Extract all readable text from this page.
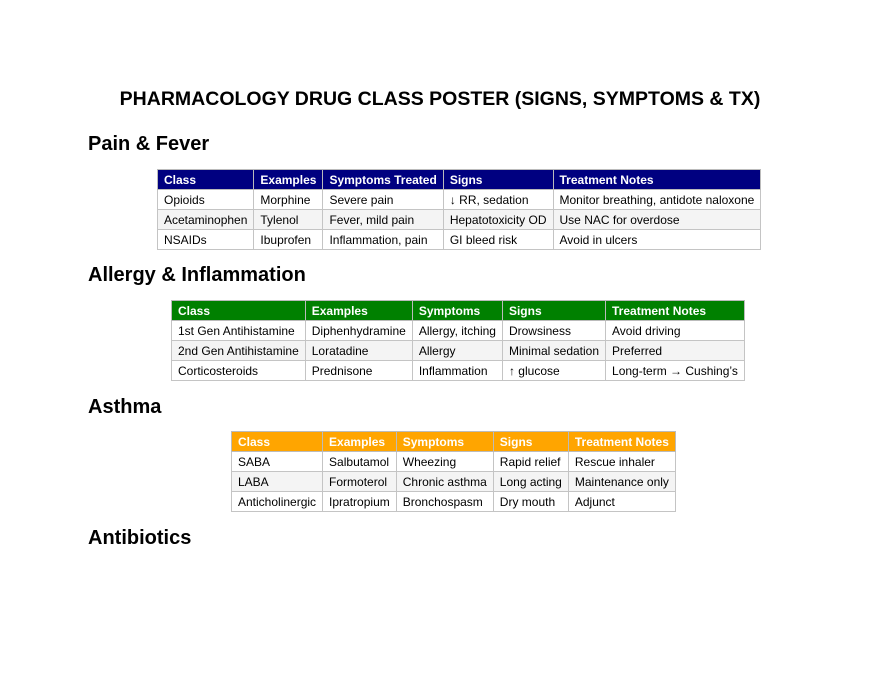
PHARMACOLOGY DRUG CLASS POSTER (SIGNS, SYMPTOMS & TX)
Pain & Fever
Class	Examples	Symptoms Treated	Signs	Treatment Notes
Opioids	Morphine	Severe pain	↓ RR, sedation	Monitor breathing, antidote naloxone
Acetaminophen	Tylenol	Fever, mild pain	Hepatotoxicity OD	Use NAC for overdose
NSAIDs	Ibuprofen	Inflammation, pain	GI bleed risk	Avoid in ulcers
Allergy & Inflammation
Class	Examples	Symptoms	Signs	Treatment Notes
1st Gen Antihistamine	Diphenhydramine	Allergy, itching	Drowsiness	Avoid driving
2nd Gen Antihistamine	Loratadine	Allergy	Minimal sedation	Preferred
Corticosteroids	Prednisone	Inflammation	↑ glucose	Long-term → Cushing’s
Asthma
Class	Examples	Symptoms	Signs	Treatment Notes
SABA	Salbutamol	Wheezing	Rapid relief	Rescue inhaler
LABA	Formoterol	Chronic asthma	Long acting	Maintenance only
Anticholinergic	Ipratropium	Bronchospasm	Dry mouth	Adjunct
Antibiotics
